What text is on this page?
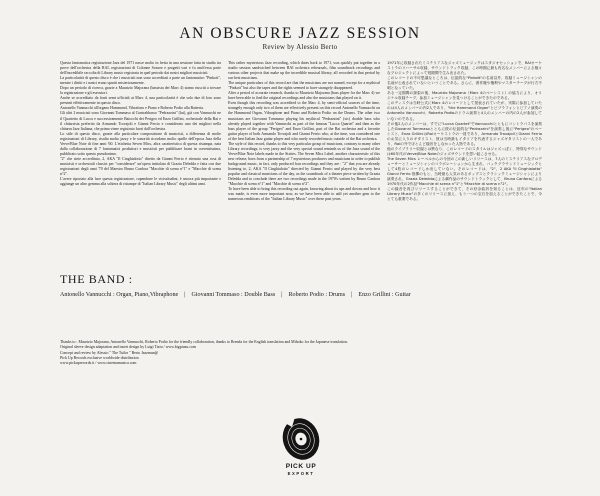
AN OBSCURE JAZZ SESSION
Review by Alessio Berto

Questa fantomatica registrazione Jazz del 1971 nasce molto in fretta in una sessione fatta in studio tra prove dell'orchestra della RAI, registrazioni di Colonne Sonore e progetti vari e fu anch'essa parte dell'incredibile raccolta di Library music registrata in quel periodo dai nostri migliori musicisti.

La particolarità di questo disco è che i musicisti non sono accreditati a parte un fantomatico "Pinkott", mentre i diritti e i nastri erano spariti misteriosamente.

Dopo un periodo di ricerca, grazie a Maurizio Majorana (bassista dei Marc 4) siamo riusciti a trovare la registrazione e gli esecutori.

Anche se accreditato da fonti semi ufficiali ai Marc 4, una particolarità è che solo due di loro sono presenti effettivamente in questo disco.

Antonello Vannucchi all'organo Hammond, Vibrafono e Piano e Roberto Podio alla Batteria.

Gli altri 2 musicisti sono Giovanni Tommaso al Contrabbasso "Pedrazzini" (lui), già con Vannucchi ne il Quartetto di Lucca e successivamente Baiocchi dei Perigeo ed Enzo Grillini, orchestrale della Rai e il chitarrista preferito da Armando Trovajoli e Gianni Ferrio e considerato uno dei migliori nella chitarra Jazz Italiana, che prima viene registrato fuori dall'orchestra.

Lo stile di questo disco, grazie alla particolare composizione di musicisti, a differenza di molte registrazioni di Library, risulta molto jazzy e le sonorità ricordano molto quelle dell'epoca Jazz della Verve/Blue Note di fine anni '60. L'etichetta Seven Mics, altra caratteristica di questa ristampa, nata dalla collaborazione di 7 fantomatici produttori e musicisti per pubblicare brani in coerentissima, pubblicato sotto questo pseudonimo.

"2" che siete accreditato, 2, AKA "Il Cinghialotto" diretto da Gianni Ferrio è ritenuto una rosa di musicisti e orchestrali classici per "considerare" un'opera intitolata di Grazia Deledda e fatta con due registrazioni degli anni '70 del Maestro Bruno Canfora "Macchie di scena n°1" e "Macchie di scena n°2".

L'avere riportato alla luce questa registrazione, capendone le vicissitudini, è ancora più importante e aggiunge un altro gemma alla schiera di ristampe di "Italian Library Music" degli ultimi anni.

This rather mysterious Jazz recording, which dates back to 1971, was quickly put together in a studio session sandwiched between RAI orchestra rehearsals, film soundtrack recordings and various other projects that make up the incredible musical library, all recorded in that period by our best musicians.

The unique particulars of this record are that the musicians are not named, except for a mythical "Pinkott" but also the tapes and the rights seemed to have strangely disappeared.

After a period of accurate research, thanks to Maurizio Majorana (bass player for the Marc 4) we have been able to find the original recordings and also the musicians that played on it.

Even though this recording was accredited to the Marc 4, by semi-official sources of the time, strangely enough only two of them are effectively present on this record Antonello Vannucchi on the Hammond Organ, Vibraphone and Piano and Roberto Podio on the Drums. The other two musicians are Giovanni Tommaso playing his mythical "Pedrazzini" (sic) double bass who already played together with Vannucchi as part of the famous "Lucca Quartet" and then as the bass player of the group "Perigeo" and Enzo Grillini, part of the Rai orchestra and a favorite guitar player of both Armando Trovajoli and Gianni Ferrio who, at the time, was considered one of the best Italian Jazz guitar player and who rarely recorded music outside of the Rai orchestra.

The style of this record, thanks to this very particular group of musicians, contrary to many other Library recordings, is very jazzy and the very special sound reminds us of the Jazz sound of the Verve/Blue Note labels made in the Sixties. The Seven Mics Label, another characteristic of this new release, born from a partnership of 7 mysterious producers and musicians in order to publish background music, in fact, only produced four recordings and they are : "2" that you are already listening to, 2, AKA "Il Cinghialotto" directed by Gianni Ferrio and played by the very best popular and classical musicians of the day, as the soundtrack of a theater piece written by Grazia Deledda and to conclude there are two recordings made in the 1970's written by Bruno Canfora "Macchie di scena n°1" and "Macchie di scena n°2".

To have been able to bring this recording out again, knowing about its ups and downs and how it was made, is even more important now, as we have been able to add yet another gem to the numerous renditions of the "Italian Library Music" over these past years.

1971年に収録されたミステリアスなジャズミュージックはスタジオセッションで、RAIオーケストラのリハーサル収録、サウンドトラック収録、この時期に最も有名なメンバーによる様々なプロジェクトによって短期間で生み出された。

このレコードの不可思議なところは、伝説的な"Pinkott"の名前以外、収録ミュージシャンの名前が公表されていないということである。さらに、著作権や権利やマスターテープが行方不明となっていた。

ある一定期間の探索の後、Maurizio Majorana（Marc 4のベーシスト）の協力により、オリジナル収録テープ、参加ミュージシャンを見つけることができたのである。

このディスクは当時公式にMarc 4のレコードとして発表されていたが、実際に参加していたのは4人のメンバーの内2人であり、"the Hammond Organ"とビブラフォンとピアノ演奏のAntonello Vannucchi、Roberto Podioのドラム演奏と4人のメンバーの内の2人が参加していないのである。

その他2人のメンバーは、すでに"Lucca Quartet"でVannucchiとともにコントラバスを演奏したGiovanni Tommasoとともに彼の伝説的な"Pedrazzini"を演奏し後に"Perigeo"のベーシスト、Enzo GrilliniはRaiオーケストラの一員であり、Armando TrovajoliとGianni Ferrioのお気に入りのギタリスト、彼は当時最もイタリアを代表するジャズギタリストの一人であり、Raiの外でほとんど録音をしなかった人物である。

他のライブラリー収録とは異なり、このレコードのスタイルはジャズっぽく、特別なサウンドは60年代のVerve/Blue Noteのジャズサウンドを思い起こさせる。

The Seven Mics レーベルからの今回のこの新しいリリースは、7人のミステリアスなプロデューサーとミュージシャンのコラボレーションから生まれ、バックグラウンドミュージックとして4枚のレコードしか出していない。そのレコードは、"2"、2 AKA "Il Cinghialotto" Gianni Ferrio 指揮のもと、当時最も人気のあるポップスとクラシックミュージシャンにより演奏され、Grazia Deleddaによる劇作品のサウンドトラックとして、Bruno Canforaによる1970年代の2作品"Macchie di scena n°1"と"Macchie di scena n°2"。

この録音を再びリリースすることができて、その紆余曲折を知ることは、近年の"Italian Library Music"の多くのリリースに加え、もう一つの宝石を加えることができたことで、今とても重要である。

THE BAND :
Antonello Vannucchi : Organ, Piano,Vibraphone | Giovanni Tommaso : Double Bass | Roberto Podio : Drums | Enzo Grillini : Guitar
Thanks to : Maurizio Majorana, Antonello Vannucchi, Roberto Podio for the friendly collaboration, thanks to Brenda for the English translation and Mihoko for the Japanese translation.
Original sleeve design adaptation and insert design by Luigi Tiziu / www.bigpiuzu.com
Concept and review by Alessio " The Tailor " Berto Jazzman@
Pick Up Records exclusive worldwide distribution
www.pickuprecords.it / www.cinemamusica.com
PICK UP
EXPORT
